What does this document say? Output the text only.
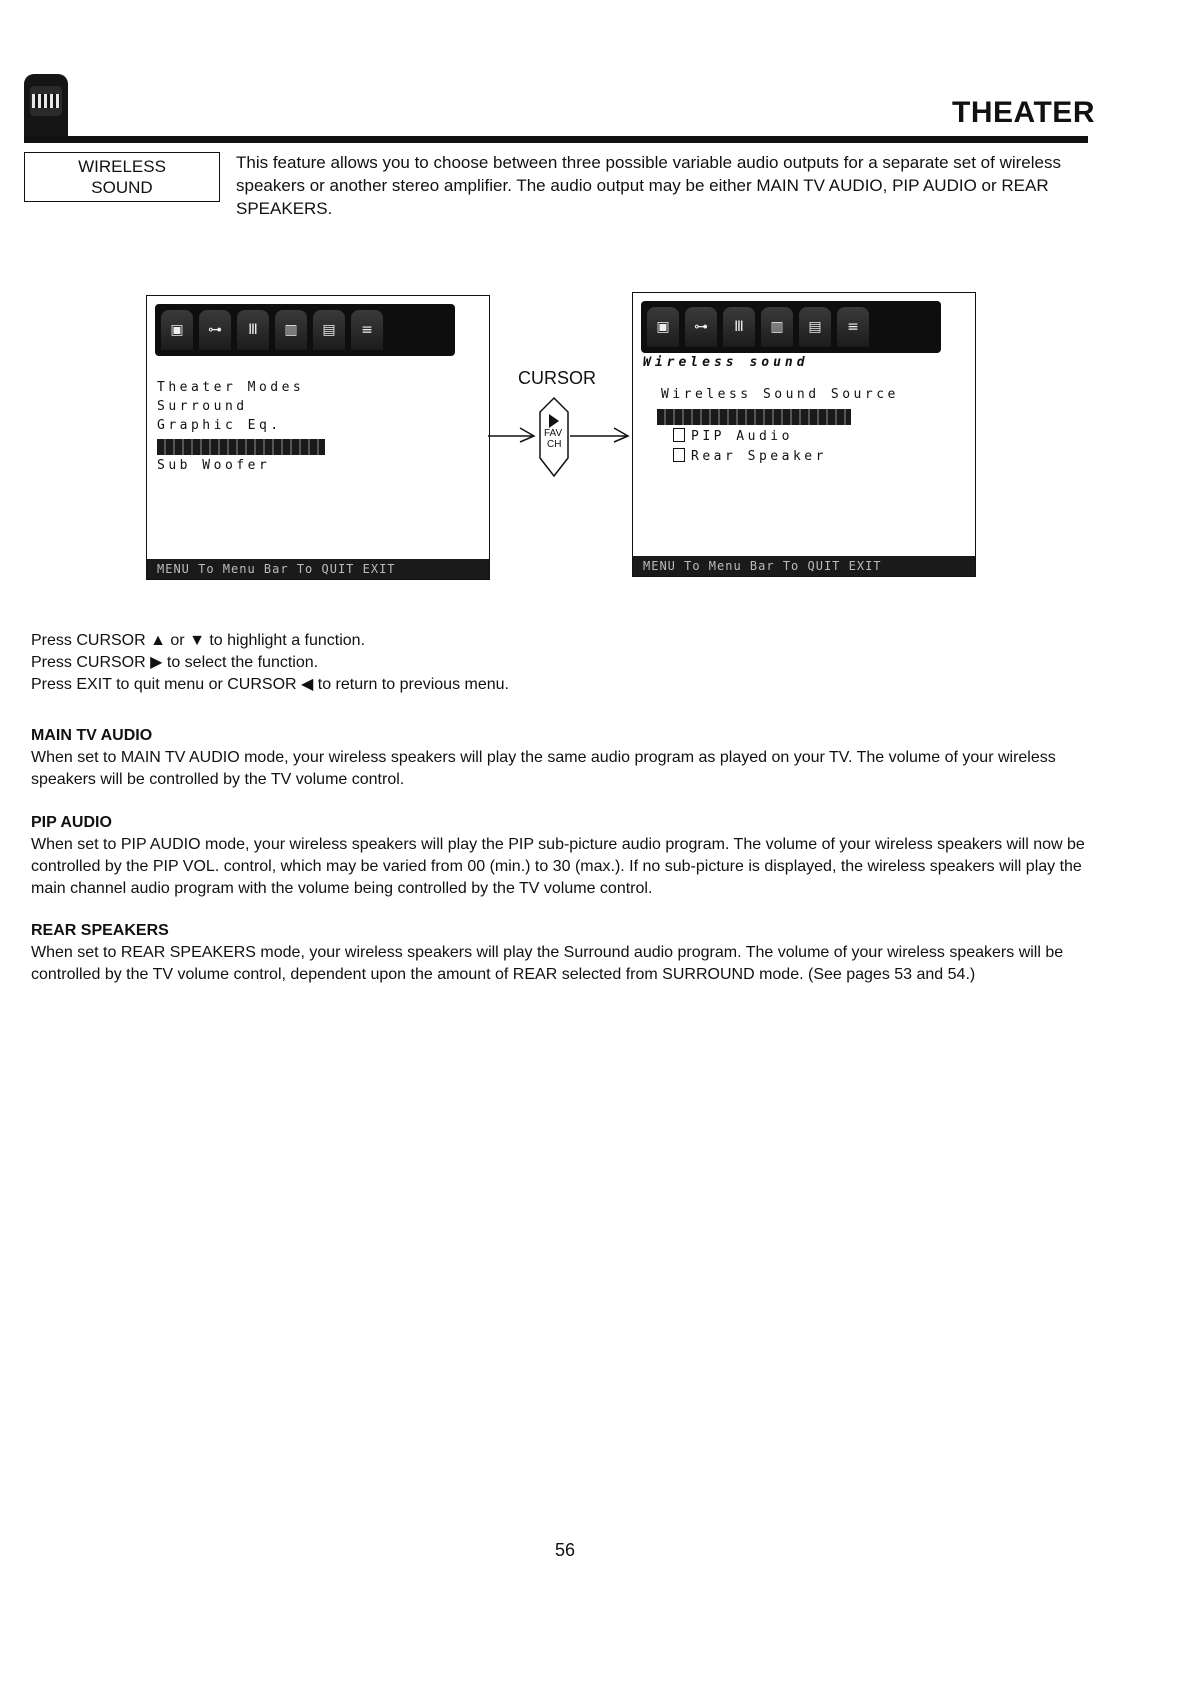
THEATER
WIRELESS
SOUND
This feature allows you to choose between three possible variable audio outputs for a separate set of wireless speakers or another stereo amplifier. The audio output may be either MAIN TV AUDIO, PIP AUDIO or REAR SPEAKERS.
▣	⊶	Ⅲ	▥	▤	≡
Theater Modes
Surround
Graphic Eq.
Sub Woofer
MENU To Menu Bar To QUIT EXIT
CURSOR
FAV
CH
▣	⊶	Ⅲ	▥	▤	≡
Wireless sound
Wireless Sound Source
PIP Audio
Rear Speaker
MENU To Menu Bar To QUIT EXIT
Press CURSOR ▲ or ▼ to highlight a function.
Press CURSOR ▶ to select the function.
Press EXIT to quit menu or CURSOR ◀ to return to previous menu.
MAIN TV AUDIO
When set to MAIN TV AUDIO mode, your wireless speakers will play the same audio program as played on your TV. The volume of your wireless speakers will be controlled by the TV volume control.
PIP AUDIO
When set to PIP AUDIO mode, your wireless speakers will play the PIP sub-picture audio program. The volume of your wireless speakers will now be controlled by the PIP VOL. control, which may be varied from 00 (min.) to 30 (max.). If no sub-picture is displayed, the wireless speakers will play the main channel audio program with the volume being controlled by the TV volume control.
REAR SPEAKERS
When set to REAR SPEAKERS mode, your wireless speakers will play the Surround audio program. The volume of your wireless speakers will be controlled by the TV volume control, dependent upon the amount of REAR selected from SURROUND mode. (See pages 53 and 54.)
56
